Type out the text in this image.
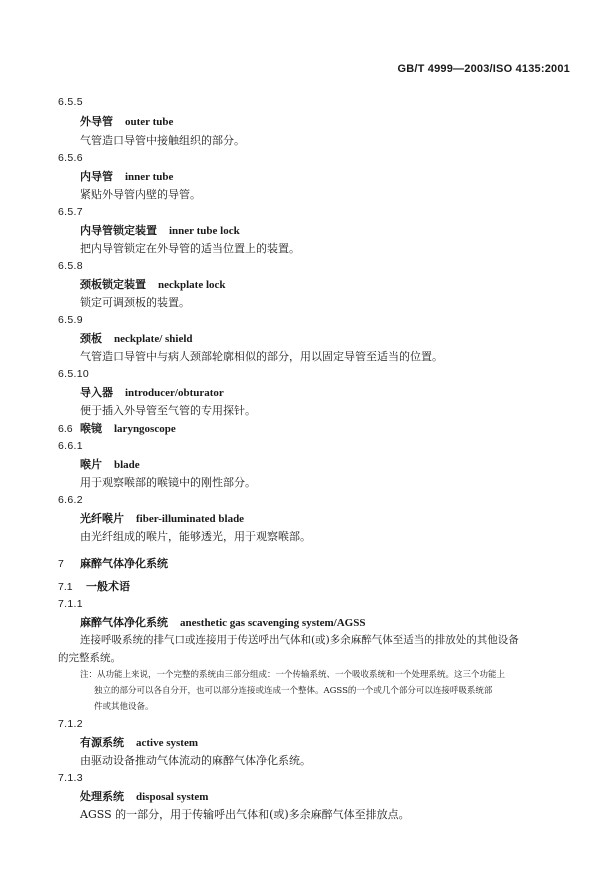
GB/T 4999—2003/ISO 4135:2001
6.5.5
外导管 outer tube
气管造口导管中接触组织的部分。
6.5.6
内导管 inner tube
紧贴外导管内壁的导管。
6.5.7
内导管锁定装置 inner tube lock
把内导管锁定在外导管的适当位置上的装置。
6.5.8
颈板锁定装置 neckplate lock
锁定可调颈板的装置。
6.5.9
颈板 neckplate/ shield
气管造口导管中与病人颈部轮廓相似的部分，用以固定导管至适当的位置。
6.5.10
导入器 introducer/obturator
便于插入外导管至气管的专用探针。
6.6 喉镜 laryngoscope
6.6.1
喉片 blade
用于观察喉部的喉镜中的刚性部分。
6.6.2
光纤喉片 fiber-illuminated blade
由光纤组成的喉片，能够透光，用于观察喉部。
7 麻醉气体净化系统
7.1 一般术语
7.1.1
麻醉气体净化系统 anesthetic gas scavenging system/AGSS
连接呼吸系统的排气口或连接用于传送呼出气体和(或)多余麻醉气体至适当的排放处的其他设备
的完整系统。
注：从功能上来说，一个完整的系统由三部分组成：一个传输系统、一个吸收系统和一个处理系统。这三个功能上
独立的部分可以各自分开，也可以部分连接或连成一个整体。AGSS的一个或几个部分可以连接呼吸系统部
件或其他设备。
7.1.2
有源系统 active system
由驱动设备推动气体流动的麻醉气体净化系统。
7.1.3
处理系统 disposal system
AGSS 的一部分，用于传输呼出气体和(或)多余麻醉气体至排放点。
